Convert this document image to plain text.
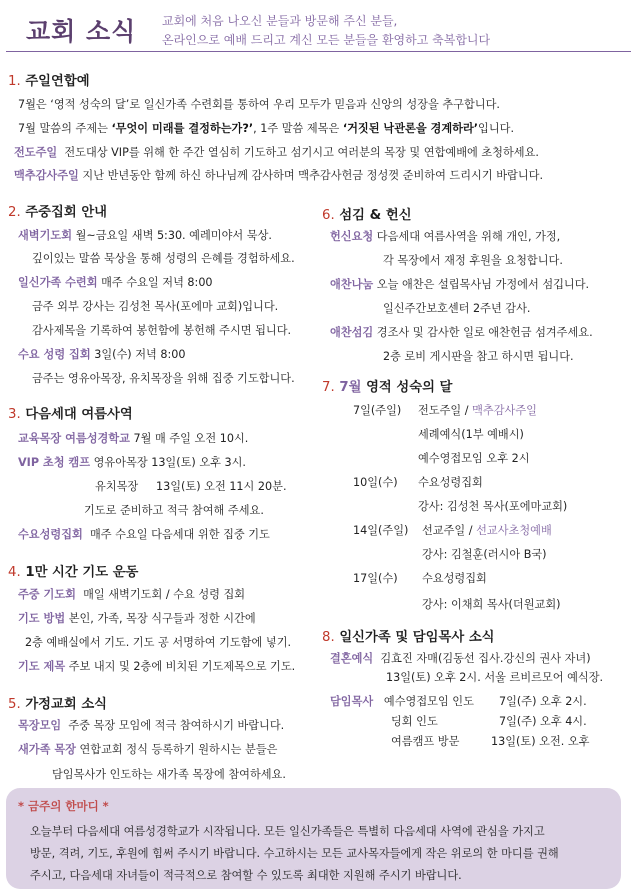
교회 소식 교회에 처음 나오신 분들과 방문해 주신 분들,
온라인으로 예배 드리고 계신 모든 분들을 환영하고 축복합니다
1. 주일연합예
7월은 ‘영적 성숙의 달’로 일신가족 수련회를 통하여 우리 모두가 믿음과 신앙의 성장을 추구합니다.
7월 말씀의 주제는 ‘무엇이 미래를 결정하는가?’, 1주 말씀 제목은 ‘거짓된 낙관론을 경계하라’입니다.
전도주일 전도대상 VIP를 위해 한 주간 열심히 기도하고 섬기시고 여러분의 목장 및 연합예배에 초청하세요.
맥추감사주일 지난 반년동안 함께 하신 하나님께 감사하며 맥추감사헌금 정성껏 준비하여 드리시기 바랍니다.
2. 주중집회 안내
새벽기도회 월~금요일 새벽 5:30. 예레미야서 묵상.
깊이있는 말씀 묵상을 통해 성령의 은혜를 경험하세요.
일신가족 수련회 매주 수요일 저녁 8:00
금주 외부 강사는 김성천 목사(포에마 교회)입니다.
감사제목을 기록하여 봉헌함에 봉헌해 주시면 됩니다.
수요 성령 집회 3일(수) 저녁 8:00
금주는 영유아목장, 유치목장을 위해 집중 기도합니다.
3. 다음세대 여름사역
교육목장 여름성경학교 7월 매 주일 오전 10시.
VIP 초청 캠프 영유아목장 13일(토) 오후 3시.
유치목장     13일(토) 오전 11시 20분.
기도로 준비하고 적극 참여해 주세요.
수요성령집회 매주 수요일 다음세대 위한 집중 기도
4. 1만 시간 기도 운동
주중 기도회 매일 새벽기도회 / 수요 성령 집회
기도 방법 본인, 가족, 목장 식구들과 정한 시간에
2층 예배실에서 기도. 기도 공 서명하여 기도함에 넣기.
기도 제목 주보 내지 및 2층에 비치된 기도제목으로 기도.
5. 가정교회 소식
목장모임 주중 목장 모임에 적극 참여하시기 바랍니다.
새가족 목장 연합교회 정식 등록하기 원하시는 분들은
담임목사가 인도하는 새가족 목장에 참여하세요.
6. 섬김 & 헌신
헌신요청 다음세대 여름사역을 위해 개인, 가정,
각 목장에서 재정 후원을 요청합니다.
애찬나눔 오늘 애찬은 설립목사님 가정에서 섬깁니다.
일신주간보호센터 2주년 감사.
애찬섬김 경조사 및 감사한 일로 애찬헌금 섬겨주세요.
2층 로비 게시판을 참고 하시면 됩니다.
7. 7월 영적 성숙의 달
7일(주일) 전도주일 / 맥추감사주일
세례예식(1부 예배시)
예수영접모임 오후 2시
10일(수) 수요성령집회
강사: 김성천 목사(포에마교회)
14일(주일) 선교주일 / 선교사초청예배
강사: 김철훈(러시아 B국)
17일(수) 수요성령집회
강사: 이채희 목사(더원교회)
8. 일신가족 및 담임목사 소식
결혼예식 김효진 자매(김동선 집사.강신의 권사 자녀)
13일(토) 오후 2시. 서울 르비르모어 예식장.
담임목사 예수영접모임 인도 7일(주) 오후 2시.
딩회 인도	7일(주) 오후 4시.
여름캠프 방문	13일(토) 오전. 오후
* 금주의 한마디 *
오늘부터 다음세대 여름성경학교가 시작됩니다. 모든 일신가족들은 특별히 다음세대 사역에 관심을 가지고
방문, 격려, 기도, 후원에 힘써 주시기 바랍니다. 수고하시는 모든 교사목자들에게 작은 위로의 한 마디를 권해
주시고, 다음세대 자녀들이 적극적으로 참여할 수 있도록 최대한 지원해 주시기 바랍니다.
